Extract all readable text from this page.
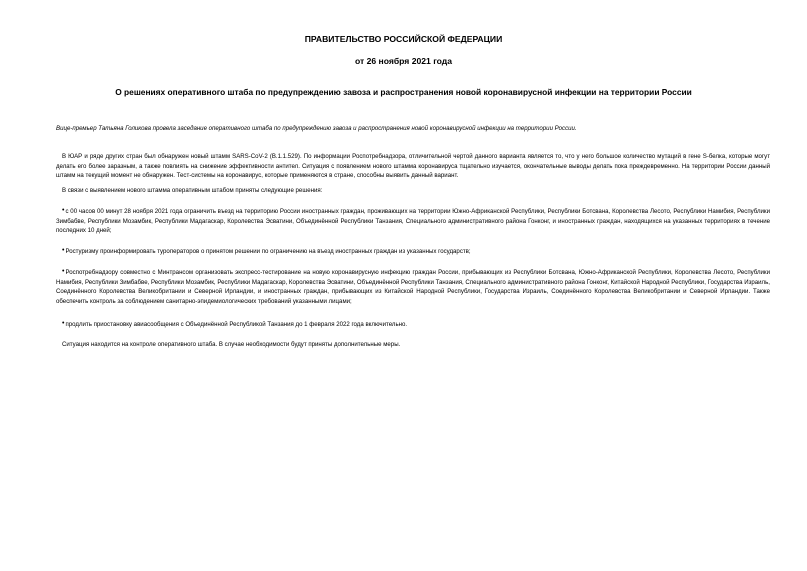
ПРАВИТЕЛЬСТВО РОССИЙСКОЙ ФЕДЕРАЦИИ
от 26 ноября 2021 года
О решениях оперативного штаба по предупреждению завоза и распространения новой коронавирусной инфекции на территории России
Вице-премьер Татьяна Голикова провела заседание оперативного штаба по предупреждению завоза и распространения новой коронавирусной инфекции на территории России.
В ЮАР и ряде других стран был обнаружен новый штамм SARS-CoV-2 (B.1.1.529). По информации Роспотребнадзора, отличительной чертой данного варианта является то, что у него большое количество мутаций в гене S-белка, которые могут делать его более заразным, а также повлиять на снижение эффективности антител. Ситуация с появлением нового штамма коронавируса тщательно изучается, окончательные выводы делать пока преждевременно. На территории России данный штамм на текущий момент не обнаружен. Тест-системы на коронавирус, которые применяются в стране, способны выявить данный вариант.
В связи с выявлением нового штамма оперативным штабом приняты следующие решения:
•с 00 часов 00 минут 28 ноября 2021 года ограничить въезд на территорию России иностранных граждан, проживающих на территории Южно-Африканской Республики, Республики Ботсвана, Королевства Лесото, Республики Намибия, Республики Зимбабве, Республики Мозамбик, Республики Мадагаскар, Королевства Эсватини, Объединённой Республики Танзания, Специального административного района Гонконг, и иностранных граждан, находящихся на указанных территориях в течение последних 10 дней;
•Ростуризму проинформировать туроператоров о принятом решении по ограничению на въезд иностранных граждан из указанных государств;
•Роспотребнадзору совместно с Минтрансом организовать экспресс-тестирование на новую коронавирусную инфекцию граждан России, прибывающих из Республики Ботсвана, Южно-Африканской Республики, Королевства Лесото, Республики Намибия, Республики Зимбабве, Республики Мозамбик, Республики Мадагаскар, Королевства Эсватини, Объединённой Республики Танзания, Специального административного района Гонконг, Китайской Народной Республики, Государства Израиль, Соединённого Королевства Великобритании и Северной Ирландии, и иностранных граждан, прибывающих из Китайской Народной Республики, Государства Израиль, Соединённого Королевства Великобритании и Северной Ирландии. Также обеспечить контроль за соблюдением санитарно-эпидемиологических требований указанными лицами;
•продлить приостановку авиасообщения с Объединённой Республикой Танзания до 1 февраля 2022 года включительно.
Ситуация находится на контроле оперативного штаба. В случае необходимости будут приняты дополнительные меры.
